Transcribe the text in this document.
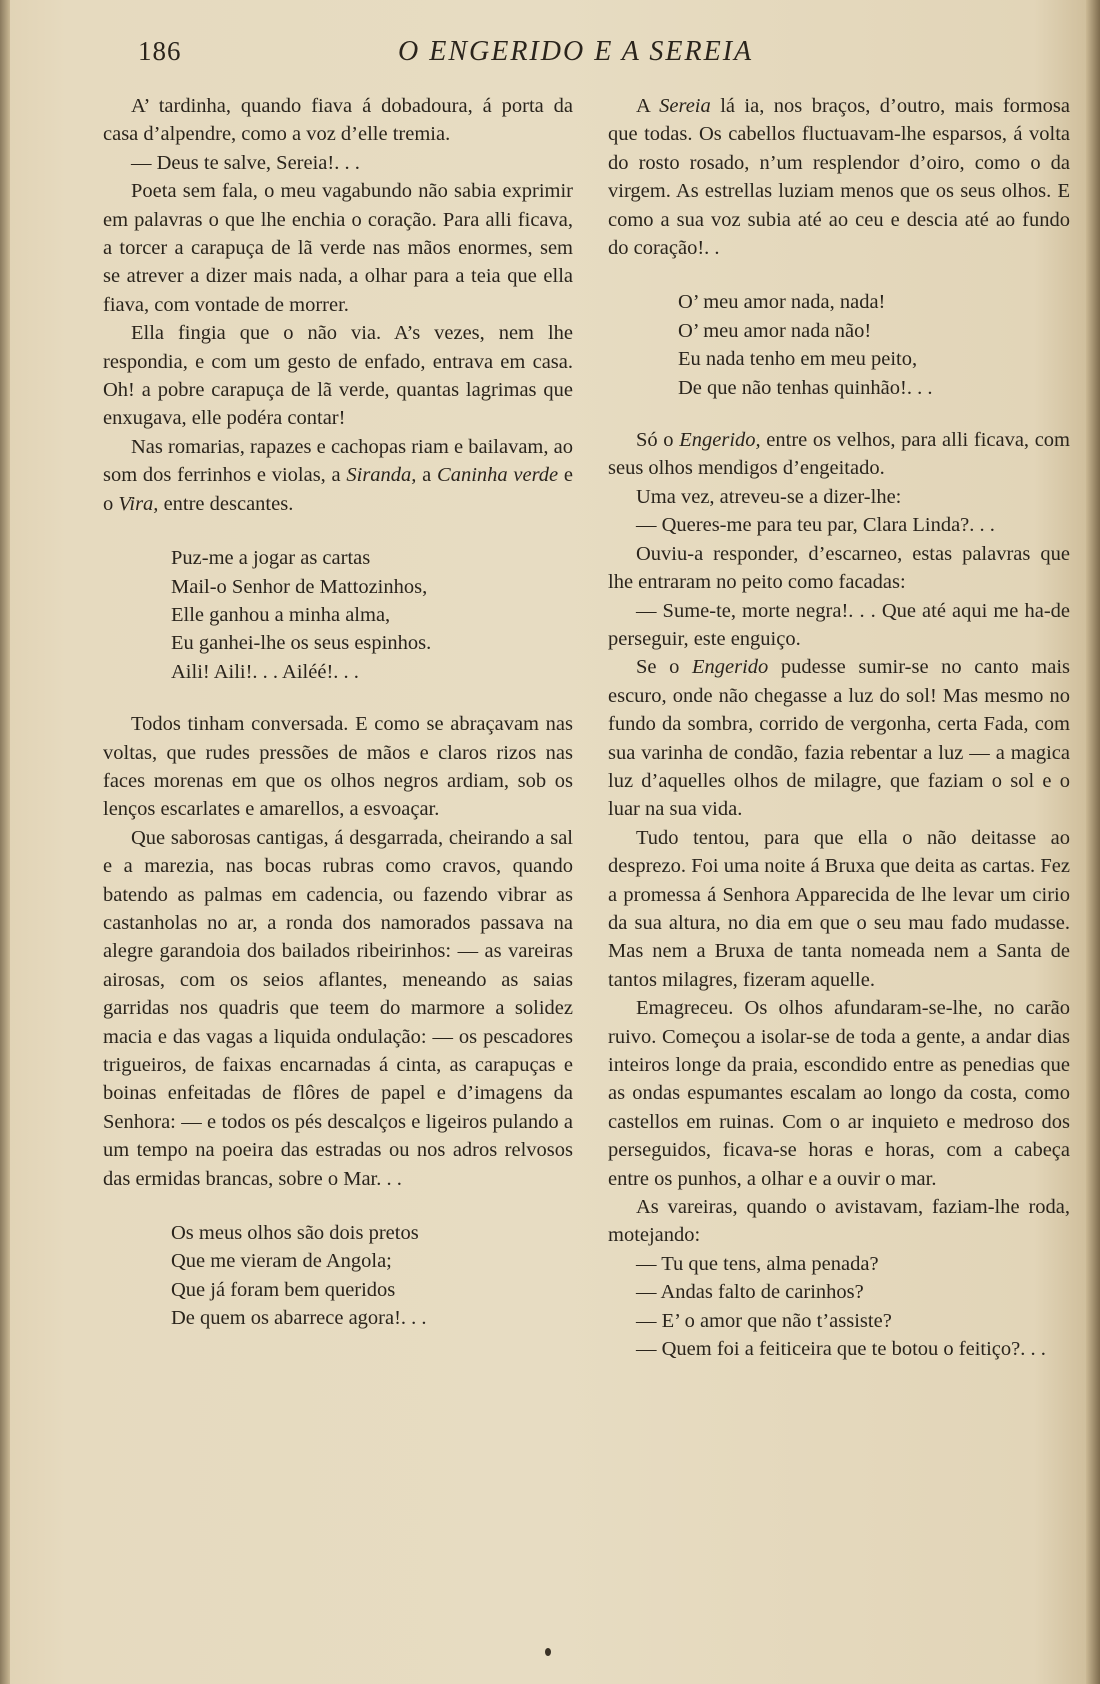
186	O ENGERIDO E A SEREIA

A’ tardinha, quando fiava á dobadoura, á porta da casa d’alpendre, como a voz d’elle tremia.

— Deus te salve, Sereia!. . .

Poeta sem fala, o meu vagabundo não sabia exprimir em palavras o que lhe enchia o coração. Para alli ficava, a torcer a carapuça de lã verde nas mãos enormes, sem se atrever a dizer mais nada, a olhar para a teia que ella fiava, com vontade de morrer.

Ella fingia que o não via. A’s vezes, nem lhe respondia, e com um gesto de enfado, entrava em casa. Oh! a pobre carapuça de lã verde, quantas lagrimas que enxugava, elle podéra contar!

Nas romarias, rapazes e cachopas riam e bailavam, ao som dos ferrinhos e violas, a Siranda, a Caninha verde e o Vira, entre descantes.

Puz-me a jogar as cartas
Mail-o Senhor de Mattozinhos,
Elle ganhou a minha alma,
Eu ganhei-lhe os seus espinhos.
Aili! Aili!. . . Ailéé!. . .

Todos tinham conversada. E como se abraçavam nas voltas, que rudes pressões de mãos e claros rizos nas faces morenas em que os olhos negros ardiam, sob os lenços escarlates e amarellos, a esvoaçar.

Que saborosas cantigas, á desgarrada, cheirando a sal e a marezia, nas bocas rubras como cravos, quando batendo as palmas em cadencia, ou fazendo vibrar as castanholas no ar, a ronda dos namorados passava na alegre garandoia dos bailados ribeirinhos: — as vareiras airosas, com os seios aflantes, meneando as saias garridas nos quadris que teem do marmore a solidez macia e das vagas a liquida ondulação: — os pescadores trigueiros, de faixas encarnadas á cinta, as carapuças e boinas enfeitadas de flôres de papel e d’imagens da Senhora: — e todos os pés descalços e ligeiros pulando a um tempo na poeira das estradas ou nos adros relvosos das ermidas brancas, sobre o Mar. . .

Os meus olhos são dois pretos
Que me vieram de Angola;
Que já foram bem queridos
De quem os abarrece agora!. . .

A Sereia lá ia, nos braços, d’outro, mais formosa que todas. Os cabellos fluctuavam-lhe esparsos, á volta do rosto rosado, n’um resplendor d’oiro, como o da virgem. As estrellas luziam menos que os seus olhos. E como a sua voz subia até ao ceu e descia até ao fundo do coração!. .

O’ meu amor nada, nada!
O’ meu amor nada não!
Eu nada tenho em meu peito,
De que não tenhas quinhão!. . .

Só o Engerido, entre os velhos, para alli ficava, com seus olhos mendigos d’engeitado.

Uma vez, atreveu-se a dizer-lhe:

— Queres-me para teu par, Clara Linda?. . .

Ouviu-a responder, d’escarneo, estas palavras que lhe entraram no peito como facadas:

— Sume-te, morte negra!. . . Que até aqui me ha-de perseguir, este enguiço.

Se o Engerido pudesse sumir-se no canto mais escuro, onde não chegasse a luz do sol! Mas mesmo no fundo da sombra, corrido de vergonha, certa Fada, com sua varinha de condão, fazia rebentar a luz — a magica luz d’aquelles olhos de milagre, que faziam o sol e o luar na sua vida.

Tudo tentou, para que ella o não deitasse ao desprezo. Foi uma noite á Bruxa que deita as cartas. Fez a promessa á Senhora Apparecida de lhe levar um cirio da sua altura, no dia em que o seu mau fado mudasse. Mas nem a Bruxa de tanta nomeada nem a Santa de tantos milagres, fizeram aquelle.

Emagreceu. Os olhos afundaram-se-lhe, no carão ruivo. Começou a isolar-se de toda a gente, a andar dias inteiros longe da praia, escondido entre as penedias que as ondas espumantes escalam ao longo da costa, como castellos em ruinas. Com o ar inquieto e medroso dos perseguidos, ficava-se horas e horas, com a cabeça entre os punhos, a olhar e a ouvir o mar.

As vareiras, quando o avistavam, faziam-lhe roda, motejando:

— Tu que tens, alma penada?

— Andas falto de carinhos?

— E’ o amor que não t’assiste?

— Quem foi a feiticeira que te botou o feitiço?. . .
